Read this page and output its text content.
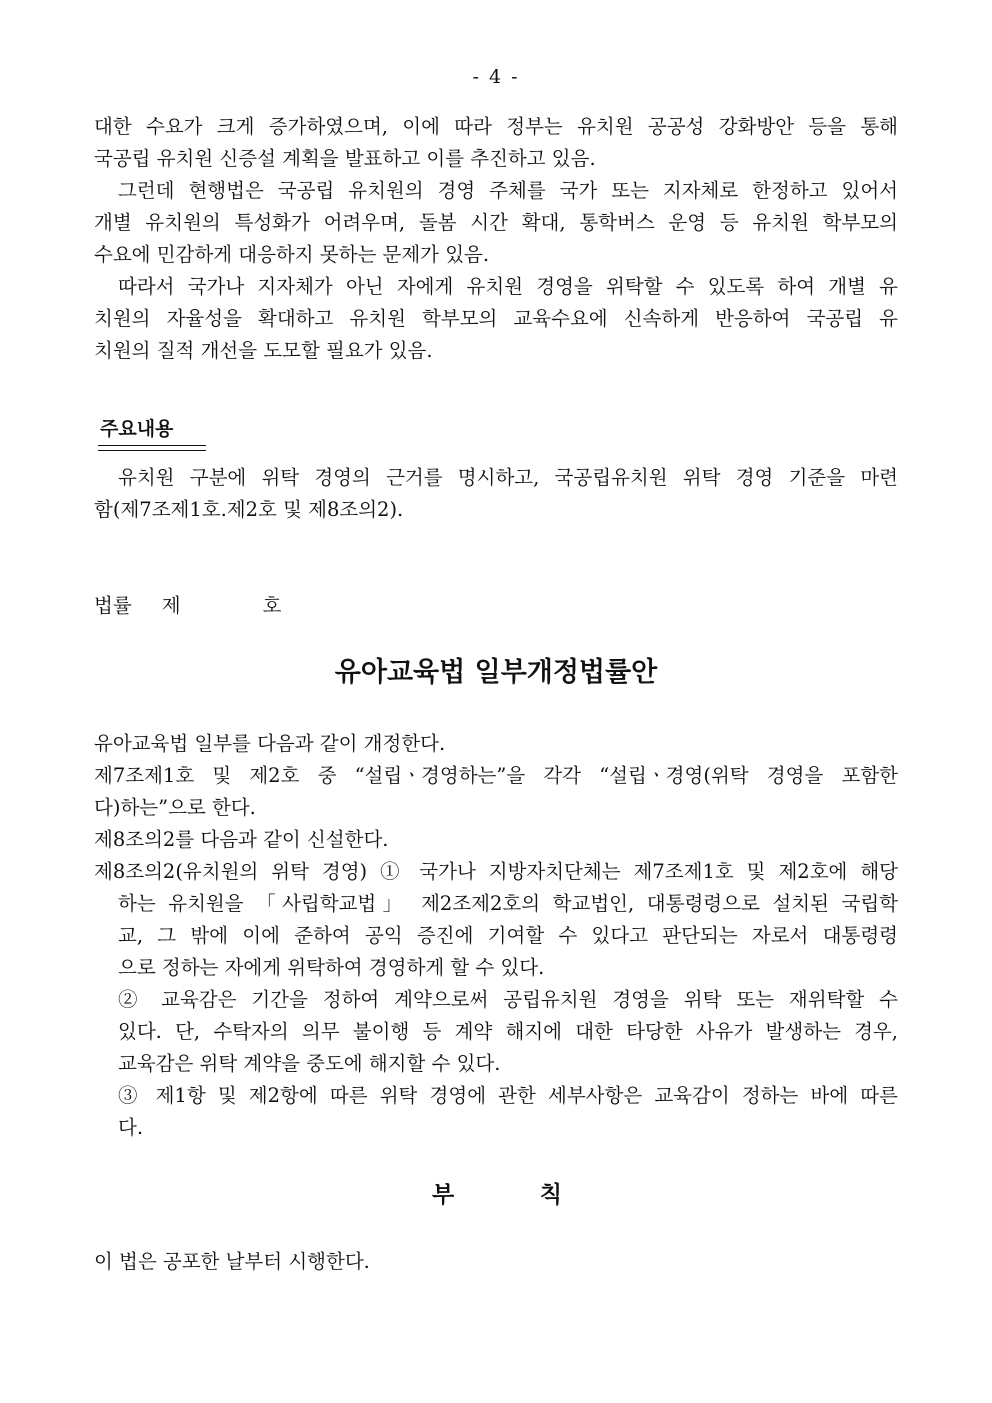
- 4 -
대한 수요가 크게 증가하였으며, 이에 따라 정부는 유치원 공공성 강화방안 등을 통해
국공립 유치원 신증설 계획을 발표하고 이를 추진하고 있음.
그런데 현행법은 국공립 유치원의 경영 주체를 국가 또는 지자체로 한정하고 있어서
개별 유치원의 특성화가 어려우며, 돌봄 시간 확대, 통학버스 운영 등 유치원 학부모의
수요에 민감하게 대응하지 못하는 문제가 있음.
따라서 국가나 지자체가 아닌 자에게 유치원 경영을 위탁할 수 있도록 하여 개별 유
치원의 자율성을 확대하고 유치원 학부모의 교육수요에 신속하게 반응하여 국공립 유
치원의 질적 개선을 도모할 필요가 있음.
주요내용
유치원 구분에 위탁 경영의 근거를 명시하고, 국공립유치원 위탁 경영 기준을 마련
함(제7조제1호.제2호 및 제8조의2).
법률 제	호
유아교육법 일부개정법률안
유아교육법 일부를 다음과 같이 개정한다.
제7조제1호 및 제2호 중 “설립ㆍ경영하는”을 각각 “설립ㆍ경영(위탁 경영을 포함한
다)하는”으로 한다.
제8조의2를 다음과 같이 신설한다.
제8조의2(유치원의 위탁 경영) ① 국가나 지방자치단체는 제7조제1호 및 제2호에 해당
하는 유치원을 「사립학교법」 제2조제2호의 학교법인, 대통령령으로 설치된 국립학
교, 그 밖에 이에 준하여 공익 증진에 기여할 수 있다고 판단되는 자로서 대통령령
으로 정하는 자에게 위탁하여 경영하게 할 수 있다.
② 교육감은 기간을 정하여 계약으로써 공립유치원 경영을 위탁 또는 재위탁할 수
있다. 단, 수탁자의 의무 불이행 등 계약 해지에 대한 타당한 사유가 발생하는 경우,
교육감은 위탁 계약을 중도에 해지할 수 있다.
③ 제1항 및 제2항에 따른 위탁 경영에 관한 세부사항은 교육감이 정하는 바에 따른
다.
부	칙
이 법은 공포한 날부터 시행한다.
